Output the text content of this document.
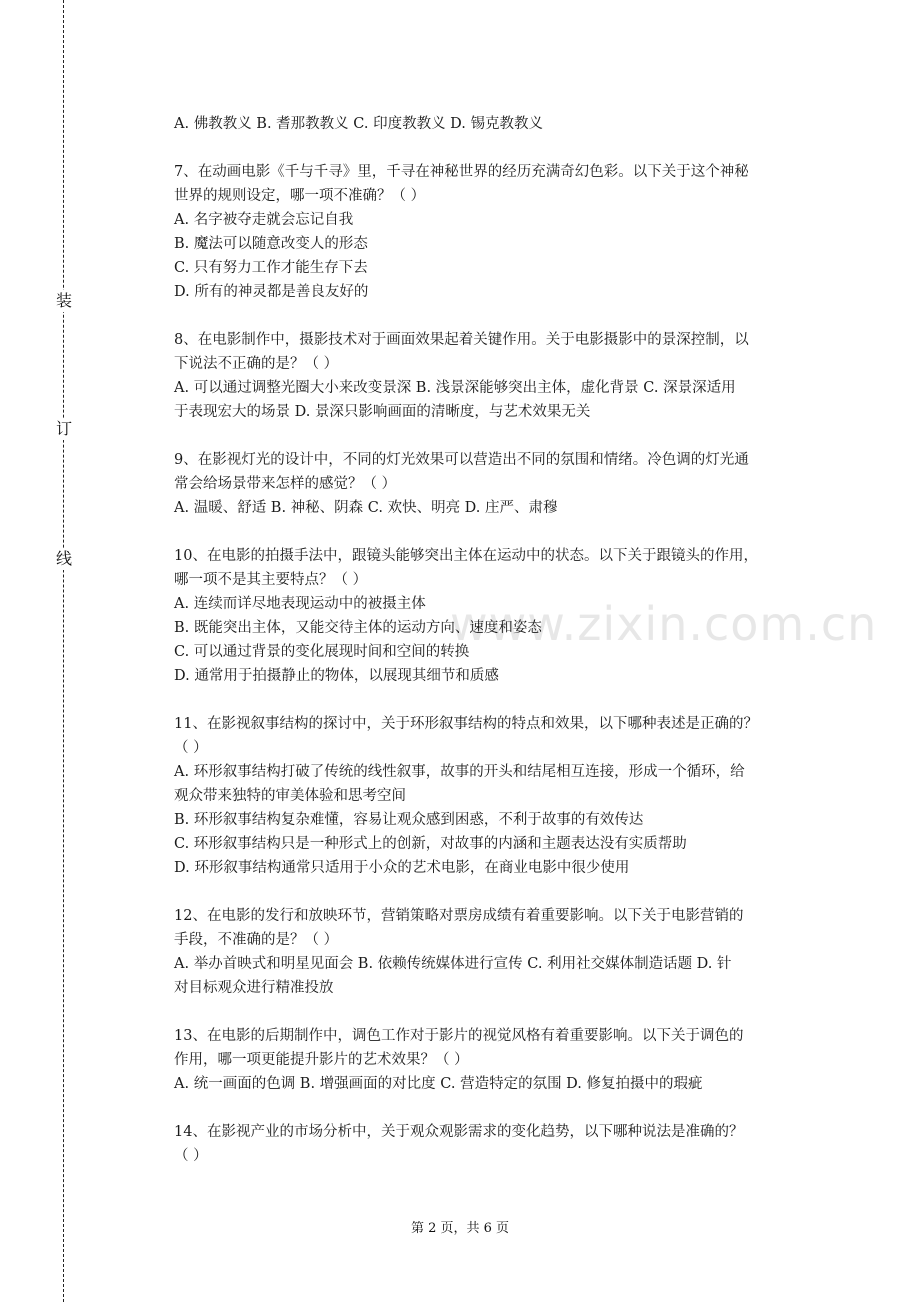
装
订
线
www.zixin.com.cn
A. 佛教教义 B. 耆那教教义 C. 印度教教义 D. 锡克教教义
7、在动画电影《千与千寻》里，千寻在神秘世界的经历充满奇幻色彩。以下关于这个神秘
世界的规则设定，哪一项不准确？（ ）
A. 名字被夺走就会忘记自我
B. 魔法可以随意改变人的形态
C. 只有努力工作才能生存下去
D. 所有的神灵都是善良友好的
8、在电影制作中，摄影技术对于画面效果起着关键作用。关于电影摄影中的景深控制，以
下说法不正确的是？（ ）
A. 可以通过调整光圈大小来改变景深 B. 浅景深能够突出主体，虚化背景 C. 深景深适用
于表现宏大的场景 D. 景深只影响画面的清晰度，与艺术效果无关
9、在影视灯光的设计中，不同的灯光效果可以营造出不同的氛围和情绪。冷色调的灯光通
常会给场景带来怎样的感觉？（ ）
A. 温暖、舒适 B. 神秘、阴森 C. 欢快、明亮 D. 庄严、肃穆
10、在电影的拍摄手法中，跟镜头能够突出主体在运动中的状态。以下关于跟镜头的作用，
哪一项不是其主要特点？（ ）
A. 连续而详尽地表现运动中的被摄主体
B. 既能突出主体，又能交待主体的运动方向、速度和姿态
C. 可以通过背景的变化展现时间和空间的转换
D. 通常用于拍摄静止的物体，以展现其细节和质感
11、在影视叙事结构的探讨中，关于环形叙事结构的特点和效果，以下哪种表述是正确的？
（ ）
A. 环形叙事结构打破了传统的线性叙事，故事的开头和结尾相互连接，形成一个循环，给
观众带来独特的审美体验和思考空间
B. 环形叙事结构复杂难懂，容易让观众感到困惑，不利于故事的有效传达
C. 环形叙事结构只是一种形式上的创新，对故事的内涵和主题表达没有实质帮助
D. 环形叙事结构通常只适用于小众的艺术电影，在商业电影中很少使用
12、在电影的发行和放映环节，营销策略对票房成绩有着重要影响。以下关于电影营销的
手段，不准确的是？（ ）
A. 举办首映式和明星见面会 B. 依赖传统媒体进行宣传 C. 利用社交媒体制造话题 D. 针
对目标观众进行精准投放
13、在电影的后期制作中，调色工作对于影片的视觉风格有着重要影响。以下关于调色的
作用，哪一项更能提升影片的艺术效果？（ ）
A. 统一画面的色调 B. 增强画面的对比度 C. 营造特定的氛围 D. 修复拍摄中的瑕疵
14、在影视产业的市场分析中，关于观众观影需求的变化趋势，以下哪种说法是准确的？
（ ）
第 2 页，共 6 页
